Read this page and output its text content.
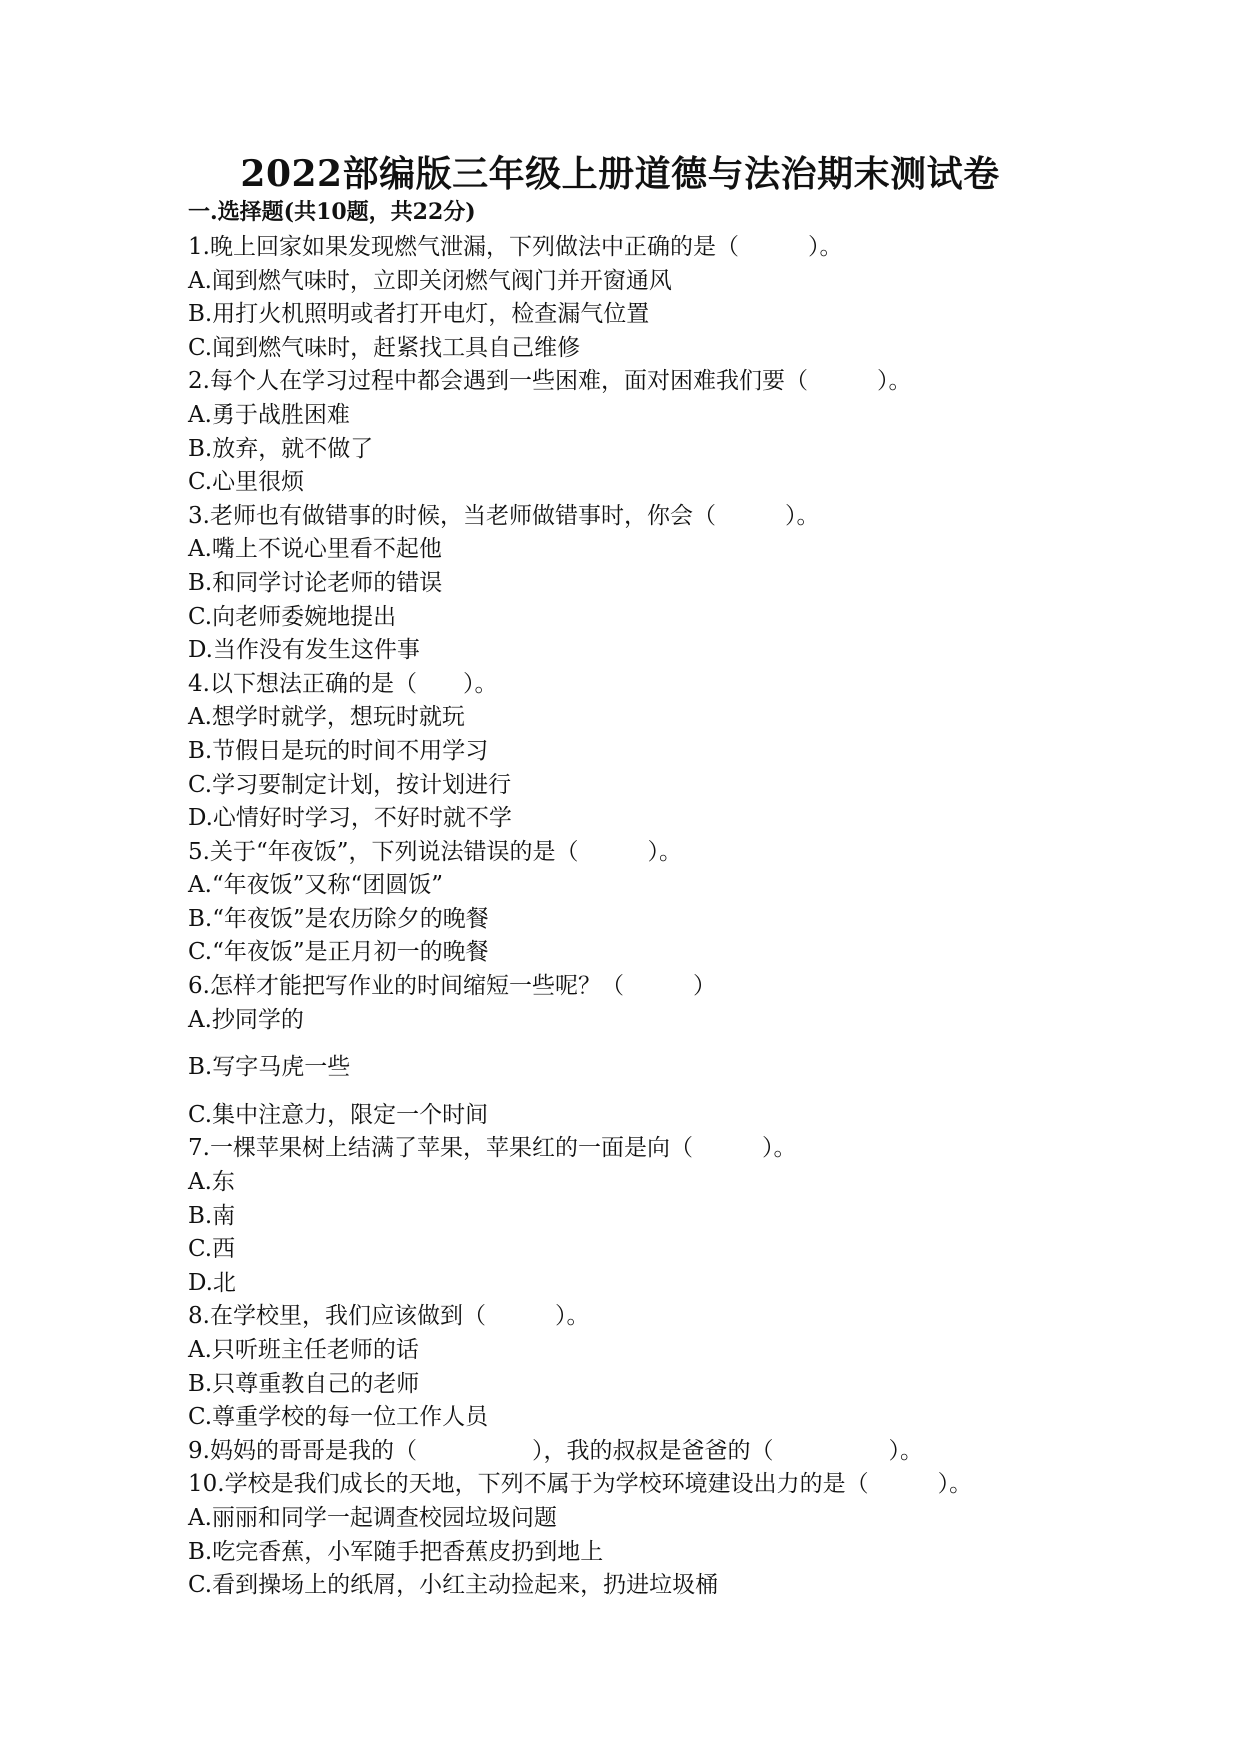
2022部编版三年级上册道德与法治期末测试卷
一.选择题(共10题，共22分)
1.晚上回家如果发现燃气泄漏，下列做法中正确的是（　　　）。
A.闻到燃气味时，立即关闭燃气阀门并开窗通风
B.用打火机照明或者打开电灯，检查漏气位置
C.闻到燃气味时，赶紧找工具自己维修
2.每个人在学习过程中都会遇到一些困难，面对困难我们要（　　　）。
A.勇于战胜困难
B.放弃，就不做了
C.心里很烦
3.老师也有做错事的时候，当老师做错事时，你会（　　　）。
A.嘴上不说心里看不起他
B.和同学讨论老师的错误
C.向老师委婉地提出
D.当作没有发生这件事
4.以下想法正确的是（　　）。
A.想学时就学，想玩时就玩
B.节假日是玩的时间不用学习
C.学习要制定计划，按计划进行
D.心情好时学习，不好时就不学
5.关于“年夜饭”，下列说法错误的是（　　　）。
A.“年夜饭”又称“团圆饭”
B.“年夜饭”是农历除夕的晚餐
C.“年夜饭”是正月初一的晚餐
6.怎样才能把写作业的时间缩短一些呢？（　　　）
A.抄同学的
B.写字马虎一些
C.集中注意力，限定一个时间
7.一棵苹果树上结满了苹果，苹果红的一面是向（　　　）。
A.东
B.南
C.西
D.北
8.在学校里，我们应该做到（　　　）。
A.只听班主任老师的话
B.只尊重教自己的老师
C.尊重学校的每一位工作人员
9.妈妈的哥哥是我的（　　　　　），我的叔叔是爸爸的（　　　　　）。
10.学校是我们成长的天地，下列不属于为学校环境建设出力的是（　　　）。
A.丽丽和同学一起调查校园垃圾问题
B.吃完香蕉，小军随手把香蕉皮扔到地上
C.看到操场上的纸屑，小红主动捡起来，扔进垃圾桶
